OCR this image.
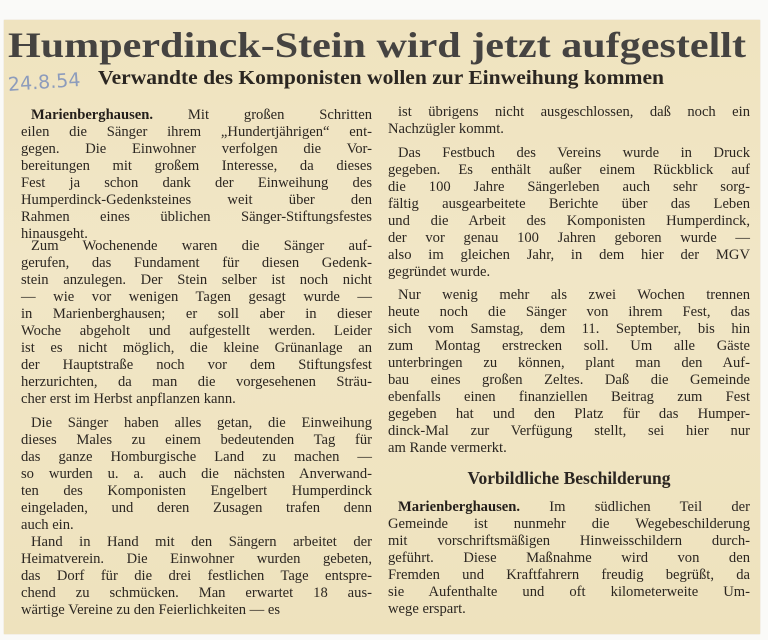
Humperdinck-Stein wird jetzt aufgestellt
Verwandte des Komponisten wollen zur Einweihung kommen
24.8.54
Marienberghausen. Mit großen Schritten
eilen die Sänger ihrem „Hundertjährigen“ ent-
gegen. Die Einwohner verfolgen die Vor-
bereitungen mit großem Interesse, da dieses
Fest ja schon dank der Einweihung des
Humperdinck-Gedenksteines weit über den
Rahmen eines üblichen Sänger-Stiftungsfestes
hinausgeht.
Zum Wochenende waren die Sänger auf-
gerufen, das Fundament für diesen Gedenk-
stein anzulegen. Der Stein selber ist noch nicht
— wie vor wenigen Tagen gesagt wurde —
in Marienberghausen; er soll aber in dieser
Woche abgeholt und aufgestellt werden. Leider
ist es nicht möglich, die kleine Grünanlage an
der Hauptstraße noch vor dem Stiftungsfest
herzurichten, da man die vorgesehenen Sträu-
cher erst im Herbst anpflanzen kann.
Die Sänger haben alles getan, die Einweihung
dieses Males zu einem bedeutenden Tag für
das ganze Homburgische Land zu machen —
so wurden u. a. auch die nächsten Anverwand-
ten des Komponisten Engelbert Humperdinck
eingeladen, und deren Zusagen trafen denn
auch ein.
Hand in Hand mit den Sängern arbeitet der
Heimatverein. Die Einwohner wurden gebeten,
das Dorf für die drei festlichen Tage entspre-
chend zu schmücken. Man erwartet 18 aus-
wärtige Vereine zu den Feierlichkeiten — es
ist übrigens nicht ausgeschlossen, daß noch ein
Nachzügler kommt.
Das Festbuch des Vereins wurde in Druck
gegeben. Es enthält außer einem Rückblick auf
die 100 Jahre Sängerleben auch sehr sorg-
fältig ausgearbeitete Berichte über das Leben
und die Arbeit des Komponisten Humperdinck,
der vor genau 100 Jahren geboren wurde —
also im gleichen Jahr, in dem hier der MGV
gegründet wurde.
Nur wenig mehr als zwei Wochen trennen
heute noch die Sänger von ihrem Fest, das
sich vom Samstag, dem 11. September, bis hin
zum Montag erstrecken soll. Um alle Gäste
unterbringen zu können, plant man den Auf-
bau eines großen Zeltes. Daß die Gemeinde
ebenfalls einen finanziellen Beitrag zum Fest
gegeben hat und den Platz für das Humper-
dinck-Mal zur Verfügung stellt, sei hier nur
am Rande vermerkt.
Marienberghausen. Im südlichen Teil der
Gemeinde ist nunmehr die Wegebeschilderung
mit vorschriftsmäßigen Hinweisschildern durch-
geführt. Diese Maßnahme wird von den
Fremden und Kraftfahrern freudig begrüßt, da
sie Aufenthalte und oft kilometerweite Um-
wege erspart.
Vorbildliche Beschilderung
